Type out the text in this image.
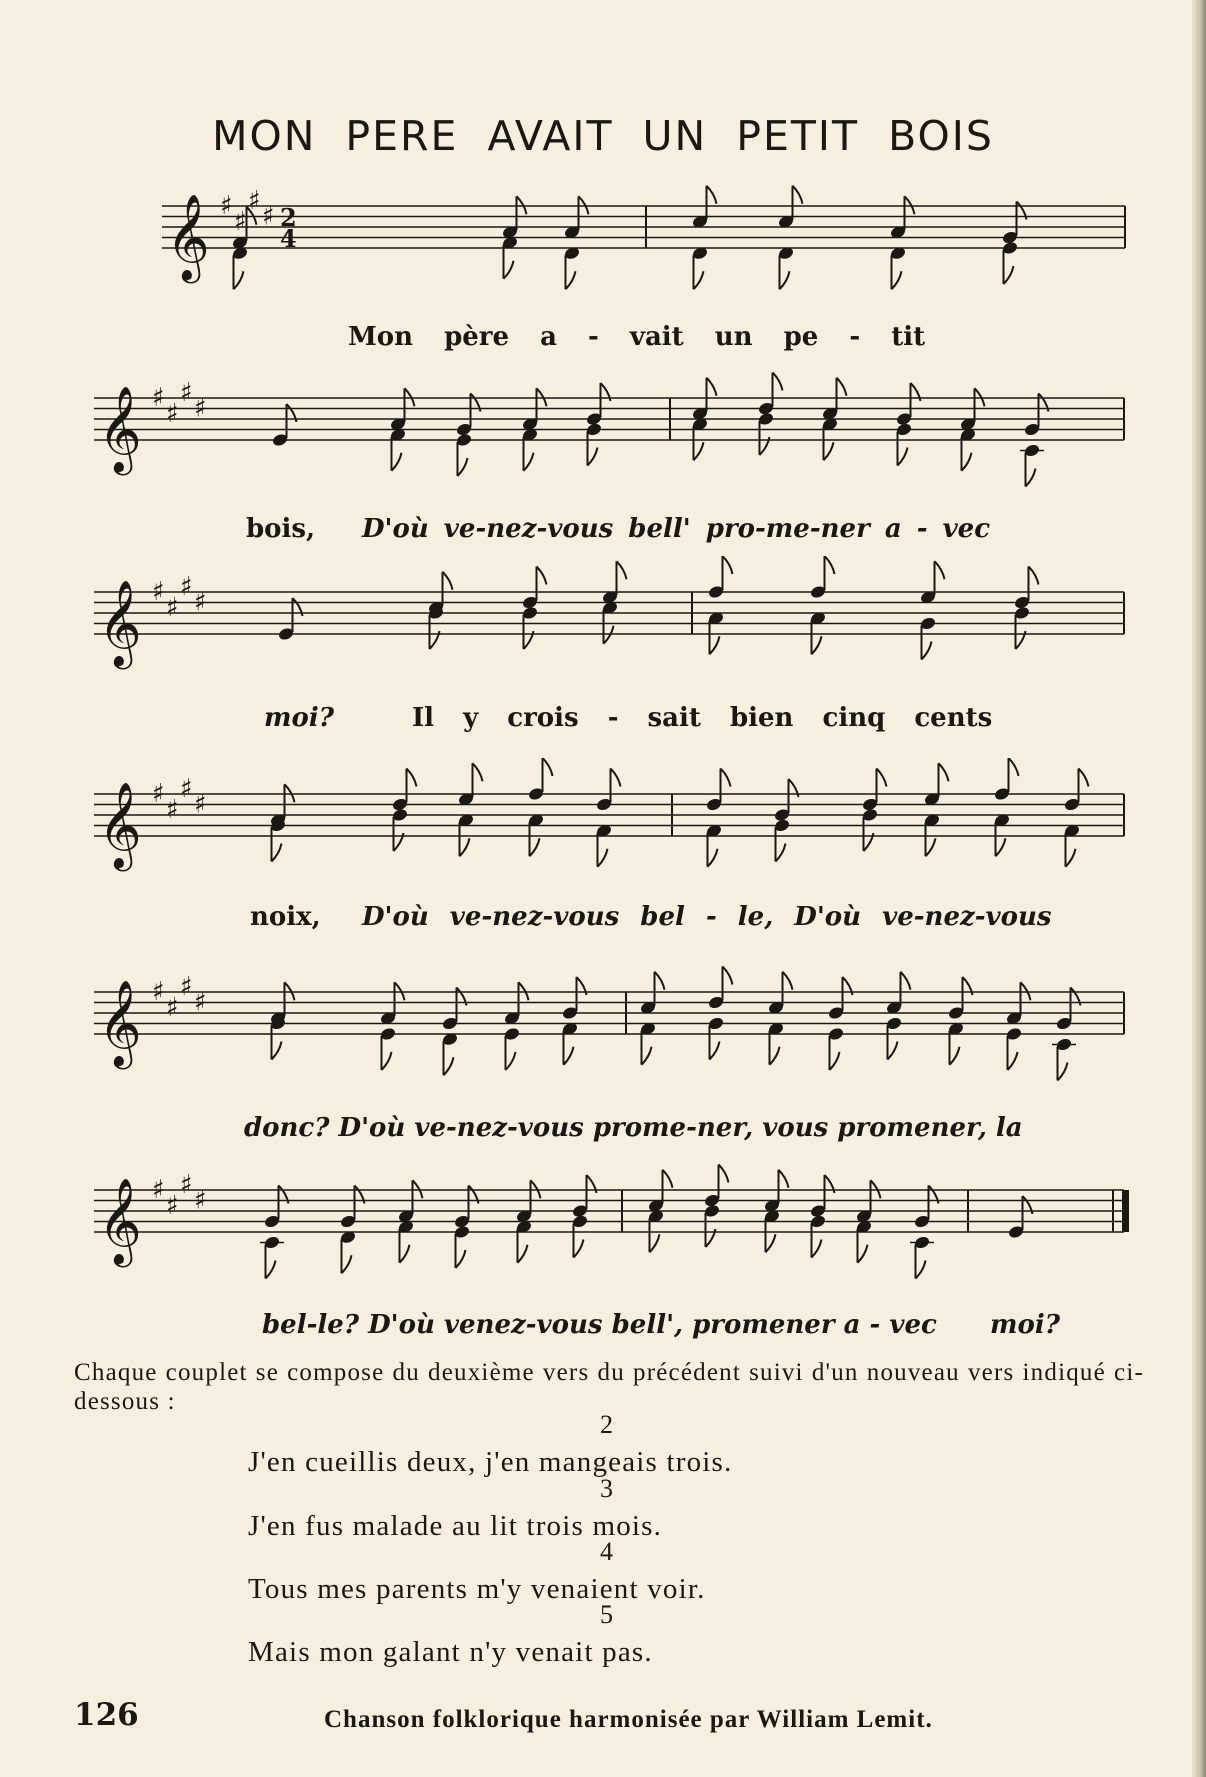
MON PERE AVAIT UN PETIT BOIS
𝄞 ♯
♯
♯
♯ 2
4
Mon père a - vait un pe - tit
𝄞 ♯
♯
♯
♯
bois, D'où ve-nez-vous bell' pro-me-ner a - vec
𝄞 ♯
♯
♯
♯
moi?	Il y crois - sait bien cinq cents
𝄞 ♯
♯
♯
♯
noix, D'où ve-nez-vous bel - le, D'où ve-nez-vous
𝄞 ♯
♯
♯
♯
donc? D'où ve-nez-vous prome-ner, vous promener, la
𝄞 ♯
♯
♯
♯
bel-le? D'où venez-vous bell', promener a - vec moi?
Chaque couplet se compose du deuxième vers du précédent suivi d'un nouveau vers indiqué ci-dessous :
2
J'en cueillis deux, j'en mangeais trois.
3
J'en fus malade au lit trois mois.
4
Tous mes parents m'y venaient voir.
5
Mais mon galant n'y venait pas.
126	Chanson folklorique harmonisée par William Lemit.
